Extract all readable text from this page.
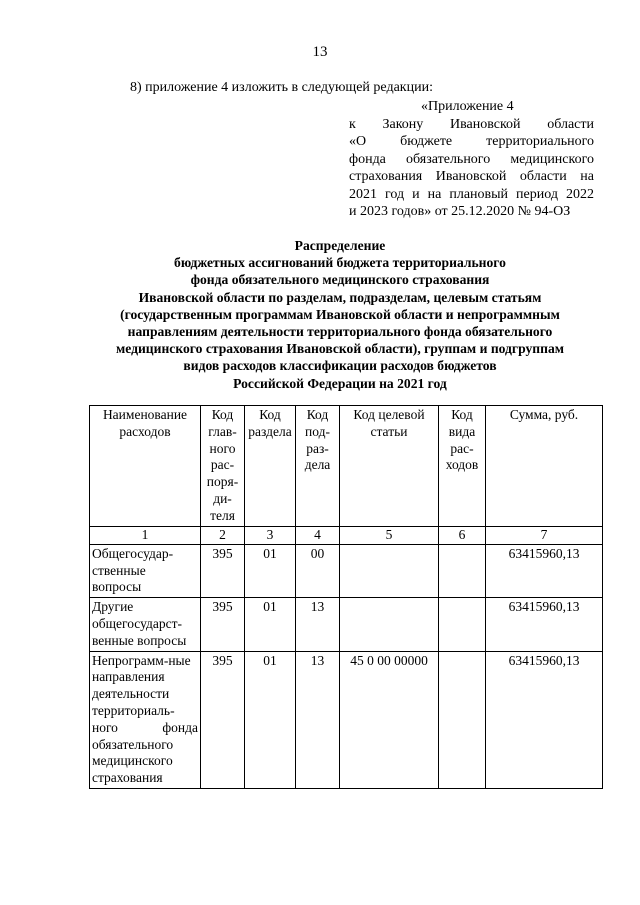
13
8) приложение 4 изложить в следующей редакции:
«Приложение 4
к Закону Ивановской области
«О бюджете территориального
фонда обязательного медицинского
страхования Ивановской области на
2021 год и на плановый период 2022
и 2023 годов» от 25.12.2020 № 94-ОЗ
Распределение
бюджетных ассигнований бюджета территориального
фонда обязательного медицинского страхования
Ивановской области по разделам, подразделам, целевым статьям
(государственным программам Ивановской области и непрограммным
направлениям деятельности территориального фонда обязательного
медицинского страхования Ивановской области), группам и подгруппам
видов расходов классификации расходов бюджетов
Российской Федерации на 2021 год
Наименование расходов	Код глав-ного рас-поря-ди-теля	Код раздела	Код под-раз-дела	Код целевой статьи	Код вида рас-ходов	Сумма, руб.
1	2	3	4	5	6	7
Общегосудар-ственные вопросы	395	01	00			63415960,13
Другие общегосударст-венные вопросы	395	01	13			63415960,13
Непрограмм-ные направления деятельности территориаль-ного фонда обязательного медицинского страхования	395	01	13	45 0 00 00000		63415960,13
